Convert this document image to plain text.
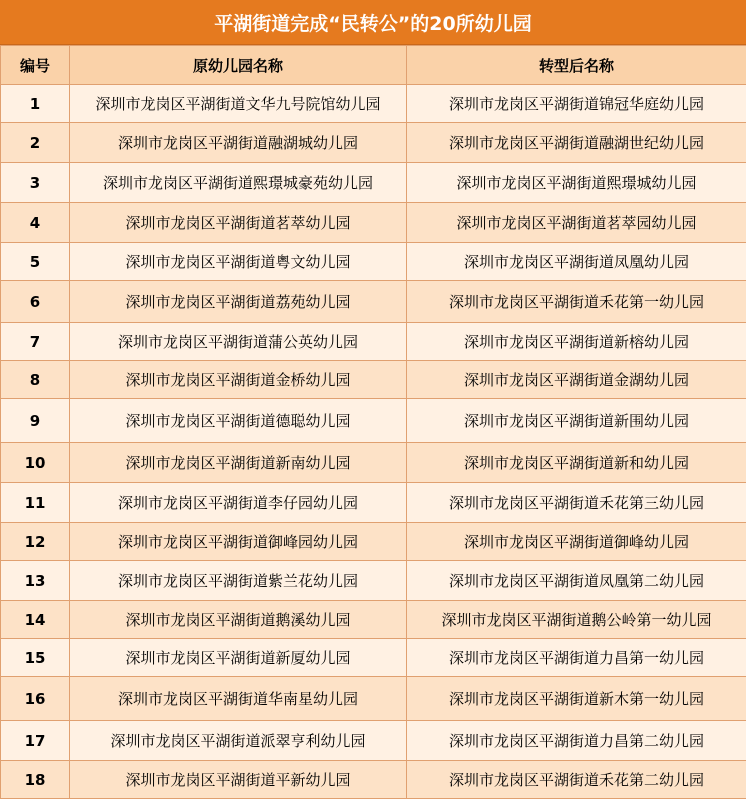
平湖街道完成“民转公”的20所幼儿园
编号	原幼儿园名称	转型后名称
1	深圳市龙岗区平湖街道文华九号院馆幼儿园	深圳市龙岗区平湖街道锦冠华庭幼儿园
2	深圳市龙岗区平湖街道融湖城幼儿园	深圳市龙岗区平湖街道融湖世纪幼儿园
3	深圳市龙岗区平湖街道熙璟城豪苑幼儿园	深圳市龙岗区平湖街道熙璟城幼儿园
4	深圳市龙岗区平湖街道茗萃幼儿园	深圳市龙岗区平湖街道茗萃园幼儿园
5	深圳市龙岗区平湖街道粤文幼儿园	深圳市龙岗区平湖街道凤凰幼儿园
6	深圳市龙岗区平湖街道荔苑幼儿园	深圳市龙岗区平湖街道禾花第一幼儿园
7	深圳市龙岗区平湖街道蒲公英幼儿园	深圳市龙岗区平湖街道新榕幼儿园
8	深圳市龙岗区平湖街道金桥幼儿园	深圳市龙岗区平湖街道金湖幼儿园
9	深圳市龙岗区平湖街道德聪幼儿园	深圳市龙岗区平湖街道新围幼儿园
10	深圳市龙岗区平湖街道新南幼儿园	深圳市龙岗区平湖街道新和幼儿园
11	深圳市龙岗区平湖街道李仔园幼儿园	深圳市龙岗区平湖街道禾花第三幼儿园
12	深圳市龙岗区平湖街道御峰园幼儿园	深圳市龙岗区平湖街道御峰幼儿园
13	深圳市龙岗区平湖街道紫兰花幼儿园	深圳市龙岗区平湖街道凤凰第二幼儿园
14	深圳市龙岗区平湖街道鹅溪幼儿园	深圳市龙岗区平湖街道鹅公岭第一幼儿园
15	深圳市龙岗区平湖街道新厦幼儿园	深圳市龙岗区平湖街道力昌第一幼儿园
16	深圳市龙岗区平湖街道华南星幼儿园	深圳市龙岗区平湖街道新木第一幼儿园
17	深圳市龙岗区平湖街道派翠亨利幼儿园	深圳市龙岗区平湖街道力昌第二幼儿园
18	深圳市龙岗区平湖街道平新幼儿园	深圳市龙岗区平湖街道禾花第二幼儿园
